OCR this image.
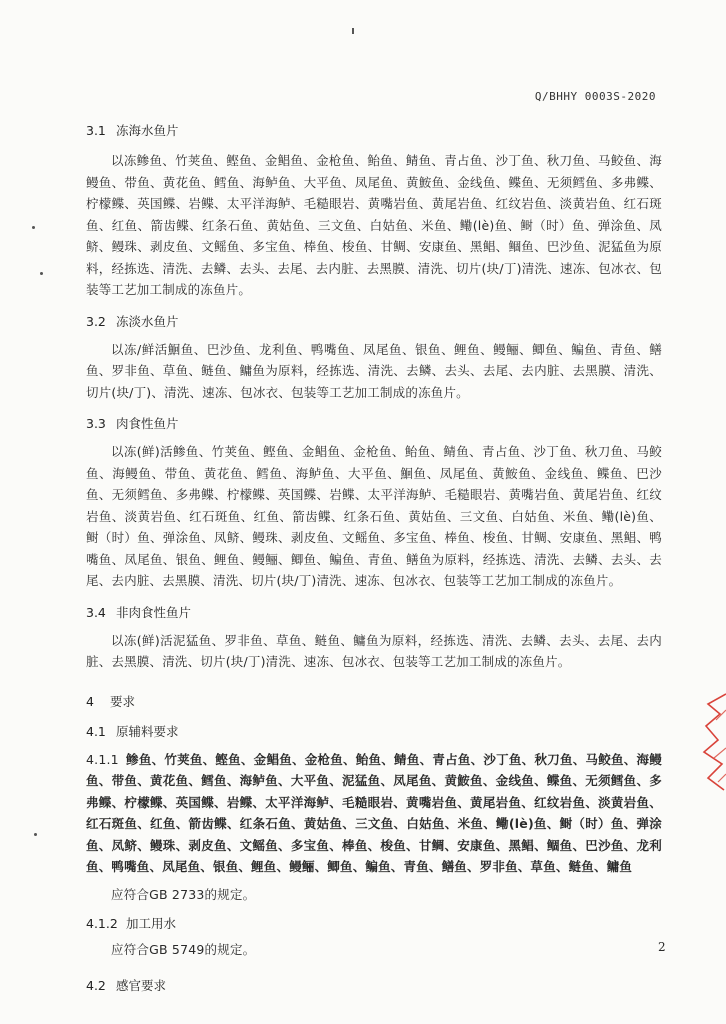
Q/BHHY 0003S-2020

3.1 冻海水鱼片

以冻鲹鱼、竹荚鱼、鲣鱼、金鲳鱼、金枪鱼、鲐鱼、鲭鱼、青占鱼、沙丁鱼、秋刀鱼、马鲛鱼、海鳗鱼、带鱼、黄花鱼、鳕鱼、海鲈鱼、大平鱼、凤尾鱼、黄鮟鱼、金线鱼、鲽鱼、无须鳕鱼、多弗鲽、柠檬鲽、英国鲽、岩鲽、太平洋海鲈、毛糙眼岩、黄嘴岩鱼、黄尾岩鱼、红纹岩鱼、淡黄岩鱼、红石斑鱼、红鱼、箭齿鲽、红条石鱼、黄姑鱼、三文鱼、白姑鱼、米鱼、鳓(lè)鱼、鲥（时）鱼、弹涂鱼、凤鲚、鳗珠、剥皮鱼、文鳐鱼、多宝鱼、棒鱼、梭鱼、甘鲷、安康鱼、黑鲳、鲴鱼、巴沙鱼、泥猛鱼为原料，经拣选、清洗、去鳞、去头、去尾、去内脏、去黑膜、清洗、切片(块/丁)清洗、速冻、包冰衣、包装等工艺加工制成的冻鱼片。

3.2 冻淡水鱼片

以冻/鲜活鮰鱼、巴沙鱼、龙利鱼、鸭嘴鱼、凤尾鱼、银鱼、鲤鱼、鳗鲡、鲫鱼、鳊鱼、青鱼、鳝鱼、罗非鱼、草鱼、鲢鱼、鳙鱼为原料，经拣选、清洗、去鳞、去头、去尾、去内脏、去黑膜、清洗、切片(块/丁)、清洗、速冻、包冰衣、包装等工艺加工制成的冻鱼片。

3.3 肉食性鱼片

以冻(鲜)活鲹鱼、竹荚鱼、鲣鱼、金鲳鱼、金枪鱼、鲐鱼、鲭鱼、青占鱼、沙丁鱼、秋刀鱼、马鲛鱼、海鳗鱼、带鱼、黄花鱼、鳕鱼、海鲈鱼、大平鱼、鮰鱼、凤尾鱼、黄鮟鱼、金线鱼、鲽鱼、巴沙鱼、无须鳕鱼、多弗鲽、柠檬鲽、英国鲽、岩鲽、太平洋海鲈、毛糙眼岩、黄嘴岩鱼、黄尾岩鱼、红纹岩鱼、淡黄岩鱼、红石斑鱼、红鱼、箭齿鲽、红条石鱼、黄姑鱼、三文鱼、白姑鱼、米鱼、鳓(lè)鱼、鲥（时）鱼、弹涂鱼、凤鲚、鳗珠、剥皮鱼、文鳐鱼、多宝鱼、棒鱼、梭鱼、甘鲷、安康鱼、黑鲳、鸭嘴鱼、凤尾鱼、银鱼、鲤鱼、鳗鲡、鲫鱼、鳊鱼、青鱼、鳝鱼为原料，经拣选、清洗、去鳞、去头、去尾、去内脏、去黑膜、清洗、切片(块/丁)清洗、速冻、包冰衣、包装等工艺加工制成的冻鱼片。

3.4 非肉食性鱼片

以冻(鲜)活泥猛鱼、罗非鱼、草鱼、鲢鱼、鳙鱼为原料，经拣选、清洗、去鳞、去头、去尾、去内脏、去黑膜、清洗、切片(块/丁)清洗、速冻、包冰衣、包装等工艺加工制成的冻鱼片。

4 要求

4.1 原辅料要求

4.1.1 鲹鱼、竹荚鱼、鲣鱼、金鲳鱼、金枪鱼、鲐鱼、鲭鱼、青占鱼、沙丁鱼、秋刀鱼、马鲛鱼、海鳗鱼、带鱼、黄花鱼、鳕鱼、海鲈鱼、大平鱼、泥猛鱼、凤尾鱼、黄鮟鱼、金线鱼、鲽鱼、无须鳕鱼、多弗鲽、柠檬鲽、英国鲽、岩鲽、太平洋海鲈、毛糙眼岩、黄嘴岩鱼、黄尾岩鱼、红纹岩鱼、淡黄岩鱼、红石斑鱼、红鱼、箭齿鲽、红条石鱼、黄姑鱼、三文鱼、白姑鱼、米鱼、鳓(lè)鱼、鲥（时）鱼、弹涂鱼、凤鲚、鳗珠、剥皮鱼、文鳐鱼、多宝鱼、棒鱼、梭鱼、甘鲷、安康鱼、黑鲳、鲴鱼、巴沙鱼、龙利鱼、鸭嘴鱼、凤尾鱼、银鱼、鲤鱼、鳗鲡、鲫鱼、鳊鱼、青鱼、鳝鱼、罗非鱼、草鱼、鲢鱼、鳙鱼

应符合GB 2733的规定。

4.1.2 加工用水

应符合GB 5749的规定。

4.2 感官要求

2
